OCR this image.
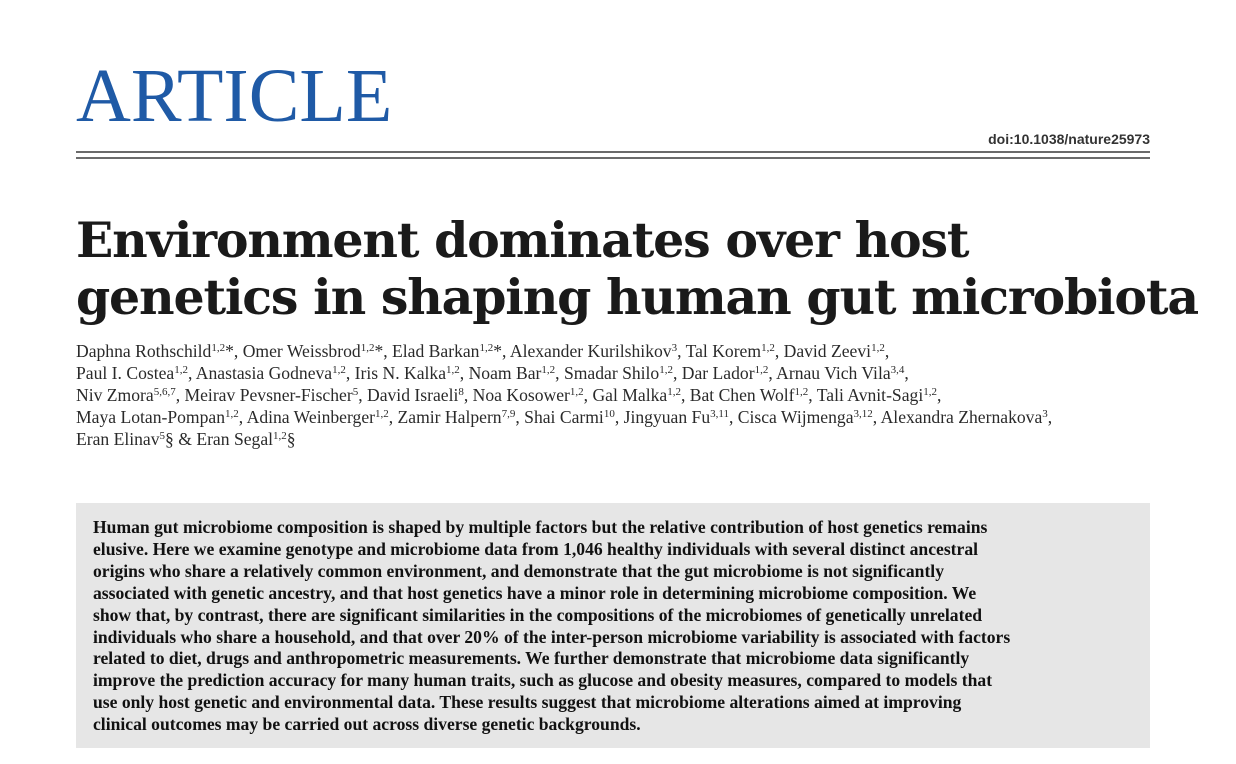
ARTICLE
doi:10.1038/nature25973
Environment dominates over host
genetics in shaping human gut microbiota
Daphna Rothschild$^{1,2}$*, Omer Weissbrod$^{1,2}$*, Elad Barkan$^{1,2}$*, Alexander Kurilshikov$^3$, Tal Korem$^{1,2}$, David Zeevi$^{1,2}$,
Paul I. Costea$^{1,2}$, Anastasia Godneva$^{1,2}$, Iris N. Kalka$^{1,2}$, Noam Bar$^{1,2}$, Smadar Shilo$^{1,2}$, Dar Lador$^{1,2}$, Arnau Vich Vila$^{3,4}$,
Niv Zmora$^{5,6,7}$, Meirav Pevsner-Fischer$^5$, David Israeli$^8$, Noa Kosower$^{1,2}$, Gal Malka$^{1,2}$, Bat Chen Wolf$^{1,2}$, Tali Avnit-Sagi$^{1,2}$,
Maya Lotan-Pompan$^{1,2}$, Adina Weinberger$^{1,2}$, Zamir Halpern$^{7,9}$, Shai Carmi$^{10}$, Jingyuan Fu$^{3,11}$, Cisca Wijmenga$^{3,12}$, Alexandra Zhernakova$^3$,
Eran Elinav$^5$§ & Eran Segal$^{1,2}$§

Human gut microbiome composition is shaped by multiple factors but the relative contribution of host genetics remains
elusive. Here we examine genotype and microbiome data from 1,046 healthy individuals with several distinct ancestral
origins who share a relatively common environment, and demonstrate that the gut microbiome is not significantly
associated with genetic ancestry, and that host genetics have a minor role in determining microbiome composition. We
show that, by contrast, there are significant similarities in the compositions of the microbiomes of genetically unrelated
individuals who share a household, and that over 20% of the inter-person microbiome variability is associated with factors
related to diet, drugs and anthropometric measurements. We further demonstrate that microbiome data significantly
improve the prediction accuracy for many human traits, such as glucose and obesity measures, compared to models that
use only host genetic and environmental data. These results suggest that microbiome alterations aimed at improving
clinical outcomes may be carried out across diverse genetic backgrounds.
